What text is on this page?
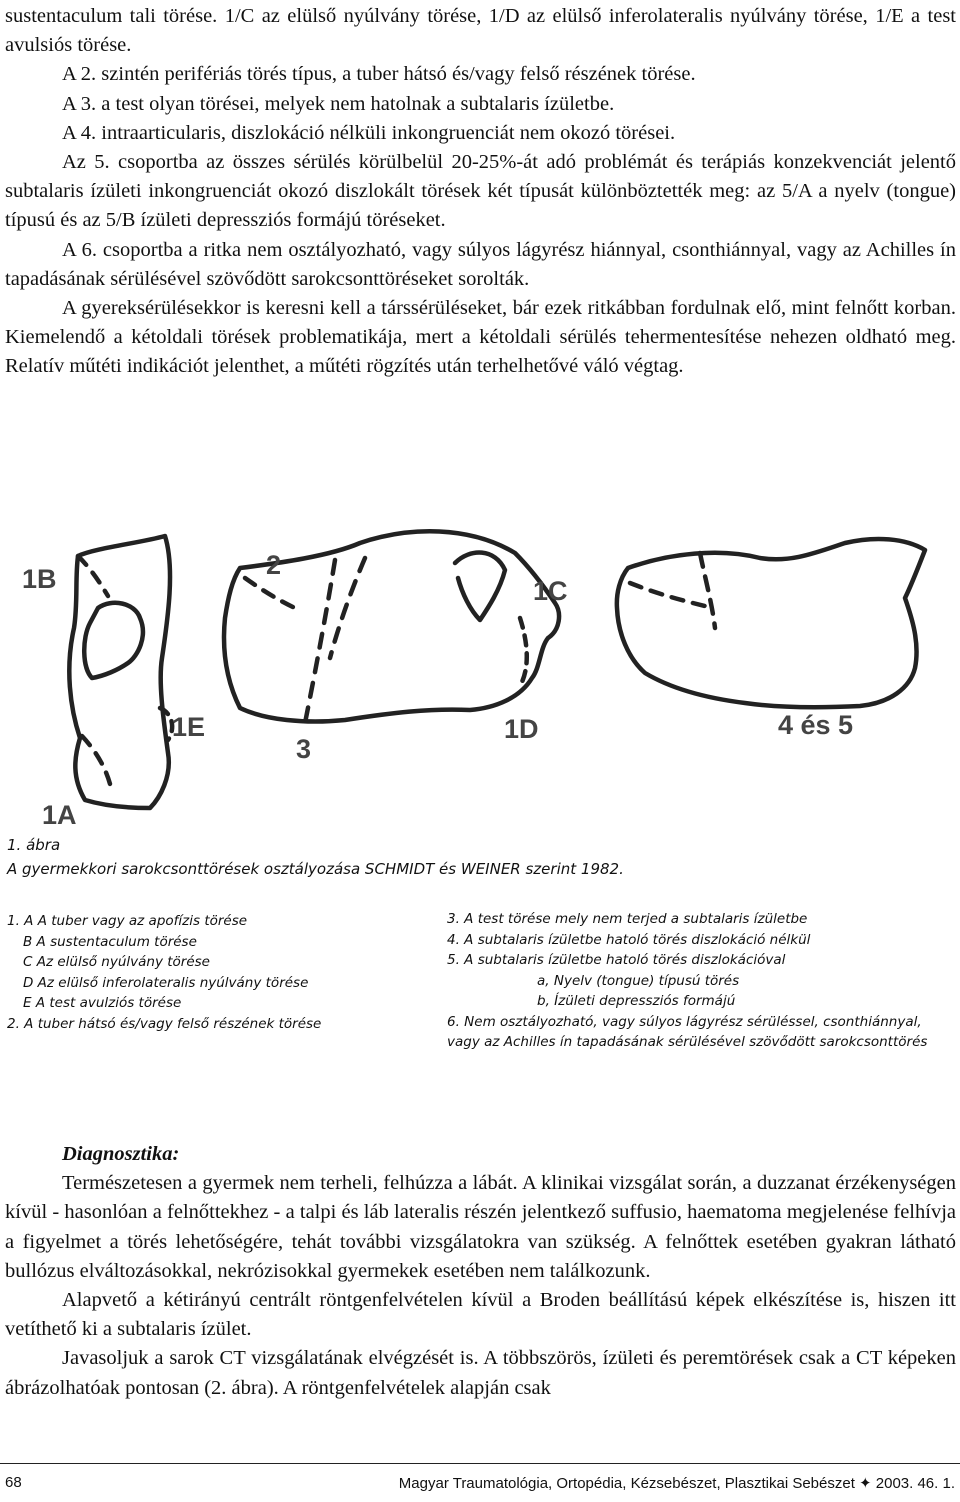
sustentaculum tali törése. 1/C az elülső nyúlvány törése, 1/D az elülső inferolateralis nyúlvány törése, 1/E a test avulsiós törése.

A 2. szintén perifériás törés típus, a tuber hátsó és/vagy felső részének törése.

A 3. a test olyan törései, melyek nem hatolnak a subtalaris ízületbe.

A 4. intraarticularis, diszlokáció nélküli inkongruenciát nem okozó törései.

Az 5. csoportba az összes sérülés körülbelül 20-25%-át adó problémát és terápiás konzekvenciát jelentő subtalaris ízületi inkongruenciát okozó diszlokált törések két típusát különböztették meg: az 5/A a nyelv (tongue) típusú és az 5/B ízületi depressziós formájú töréseket.

A 6. csoportba a ritka nem osztályozható, vagy súlyos lágyrész hiánnyal, csonthiánnyal, vagy az Achilles ín tapadásának sérülésével szövődött sarokcsonttöréseket sorolták.

A gyereksérülésekkor is keresni kell a társsérüléseket, bár ezek ritkábban fordulnak elő, mint felnőtt korban. Kiemelendő a kétoldali törések problematikája, mert a kétoldali sérülés tehermentesítése nehezen oldható meg. Relatív műtéti indikációt jelenthet, a műtéti rögzítés után terhelhetővé váló végtag.

1B	2
1C
1E	1D
3
4 és 5
1A
1. ábra
A gyermekkori sarokcsonttörések osztályozása SCHMIDT és WEINER szerint 1982.
1. A A tuber vagy az apofízis törése
B A sustentaculum törése
C Az elülső nyúlvány törése
D Az elülső inferolateralis nyúlvány törése
E A test avulziós törése
2. A tuber hátsó és/vagy felső részének törése
3. A test törése mely nem terjed a subtalaris ízületbe
4. A subtalaris ízületbe hatoló törés diszlokáció nélkül
5. A subtalaris ízületbe hatoló törés diszlokációval
a, Nyelv (tongue) típusú törés
b, Ízületi depressziós formájú
6. Nem osztályozható, vagy súlyos lágyrész sérüléssel, csonthiánnyal, vagy az Achilles ín tapadásának sérülésével szövődött sarokcsonttörés

Diagnosztika:

Természetesen a gyermek nem terheli, felhúzza a lábát. A klinikai vizsgálat során, a duzzanat érzékenységen kívül - hasonlóan a felnőttekhez - a talpi és láb lateralis részén jelentkező suffusio, haematoma megjelenése felhívja a figyelmet a törés lehetőségére, tehát további vizsgálatokra van szükség. A felnőttek esetében gyakran látható bullózus elváltozásokkal, nekrózisokkal gyermekek esetében nem találkozunk.

Alapvető a kétirányú centrált röntgenfelvételen kívül a Broden beállítású képek elkészítése is, hiszen itt vetíthető ki a subtalaris ízület.

Javasoljuk a sarok CT vizsgálatának elvégzését is. A többszörös, ízületi és peremtörések csak a CT képeken ábrázolhatóak pontosan (2. ábra). A röntgenfelvételek alapján csak

68	Magyar Traumatológia, Ortopédia, Kézsebészet, Plasztikai Sebészet ✦ 2003. 46. 1.
